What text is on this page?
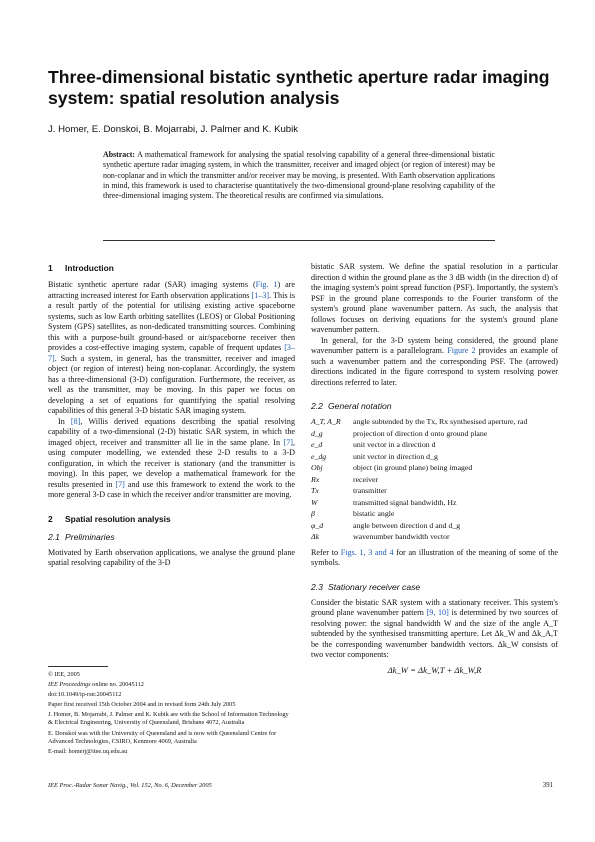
Three-dimensional bistatic synthetic aperture radar imaging system: spatial resolution analysis
J. Homer, E. Donskoi, B. Mojarrabi, J. Palmer and K. Kubik
Abstract: A mathematical framework for analysing the spatial resolving capability of a general three-dimensional bistatic synthetic aperture radar imaging system, in which the transmitter, receiver and imaged object (or region of interest) may be non-coplanar and in which the transmitter and/or receiver may be moving, is presented. With Earth observation applications in mind, this framework is used to characterise quantitatively the two-dimensional ground-plane resolving capability of the three-dimensional imaging system. The theoretical results are confirmed via simulations.
1 Introduction

Bistatic synthetic aperture radar (SAR) imaging systems (Fig. 1) are attracting increased interest for Earth observation applications [1–3]. This is a result partly of the potential for utilising existing active spaceborne systems, such as low Earth orbiting satellites (LEOS) or Global Positioning System (GPS) satellites, as non-dedicated transmitting sources. Combining this with a purpose-built ground-based or air/spaceborne receiver then provides a cost-effective imaging system, capable of frequent updates [3–7]. Such a system, in general, has the transmitter, receiver and imaged object (or region of interest) being non-coplanar. Accordingly, the system has a three-dimensional (3-D) configuration. Furthermore, the receiver, as well as the transmitter, may be moving. In this paper we focus on developing a set of equations for quantifying the spatial resolving capabilities of this general 3-D bistatic SAR imaging system.

In [8], Willis derived equations describing the spatial resolving capability of a two-dimensional (2-D) bistatic SAR system, in which the imaged object, receiver and transmitter all lie in the same plane. In [7], using computer modelling, we extended these 2-D results to a 3-D configuration, in which the receiver is stationary (and the transmitter is moving). In this paper, we develop a mathematical framework for the results presented in [7] and use this framework to extend the work to the more general 3-D case in which the receiver and/or transmitter are moving.

2 Spatial resolution analysis
2.1 Preliminaries

Motivated by Earth observation applications, we analyse the ground plane spatial resolving capability of the 3-D

© IEE, 2005
IEE Proceedings online no. 20045112
doi:10.1049/ip-rsn:20045112
Paper first received 15th October 2004 and in revised form 24th July 2005
J. Homer, B. Mojarrabi, J. Palmer and K. Kubik are with the School of Information Technology & Electrical Engineering, University of Queensland, Brisbane 4072, Australia
E. Donskoi was with the University of Queensland and is now with Queensland Centre for Advanced Technologies, CSIRO, Kenmore 4069, Australia
E-mail: homerj@itee.uq.edu.au

bistatic SAR system. We define the spatial resolution in a particular direction d within the ground plane as the 3 dB width (in the direction d) of the imaging system's point spread function (PSF). Importantly, the system's PSF in the ground plane corresponds to the Fourier transform of the system's ground plane wavenumber pattern. As such, the analysis that follows focuses on deriving equations for the system's ground plane wavenumber pattern.

In general, for the 3-D system being considered, the ground plane wavenumber pattern is a parallelogram. Figure 2 provides an example of such a wavenumber pattern and the corresponding PSF. The (arrowed) directions indicated in the figure correspond to system resolving power directions referred to later.

2.2 General notation
A_T, A_R	angle subtended by the Tx, Rx synthesised aperture, rad
d_g	projection of direction d onto ground plane
e_d	unit vector in a direction d
e_dg	unit vector in direction d_g
Obj	object (in ground plane) being imaged
Rx	receiver
Tx	transmitter
W	transmitted signal bandwidth, Hz
β	bistatic angle
φ_d	angle between direction d and d_g
Δk	wavenumber bandwidth vector

Refer to Figs. 1, 3 and 4 for an illustration of the meaning of some of the symbols.

2.3 Stationary receiver case

Consider the bistatic SAR system with a stationary receiver. This system's ground plane wavenumber pattern [9, 10] is determined by two sources of resolving power: the signal bandwidth W and the size of the angle A_T subtended by the synthesised transmitting aperture. Let Δk_W and Δk_A,T be the corresponding wavenumber bandwidth vectors. Δk_W consists of two vector components:

Δk_W = Δk_W,T + Δk_W,R
IEE Proc.-Radar Sonar Navig., Vol. 152, No. 6, December 2005	391
